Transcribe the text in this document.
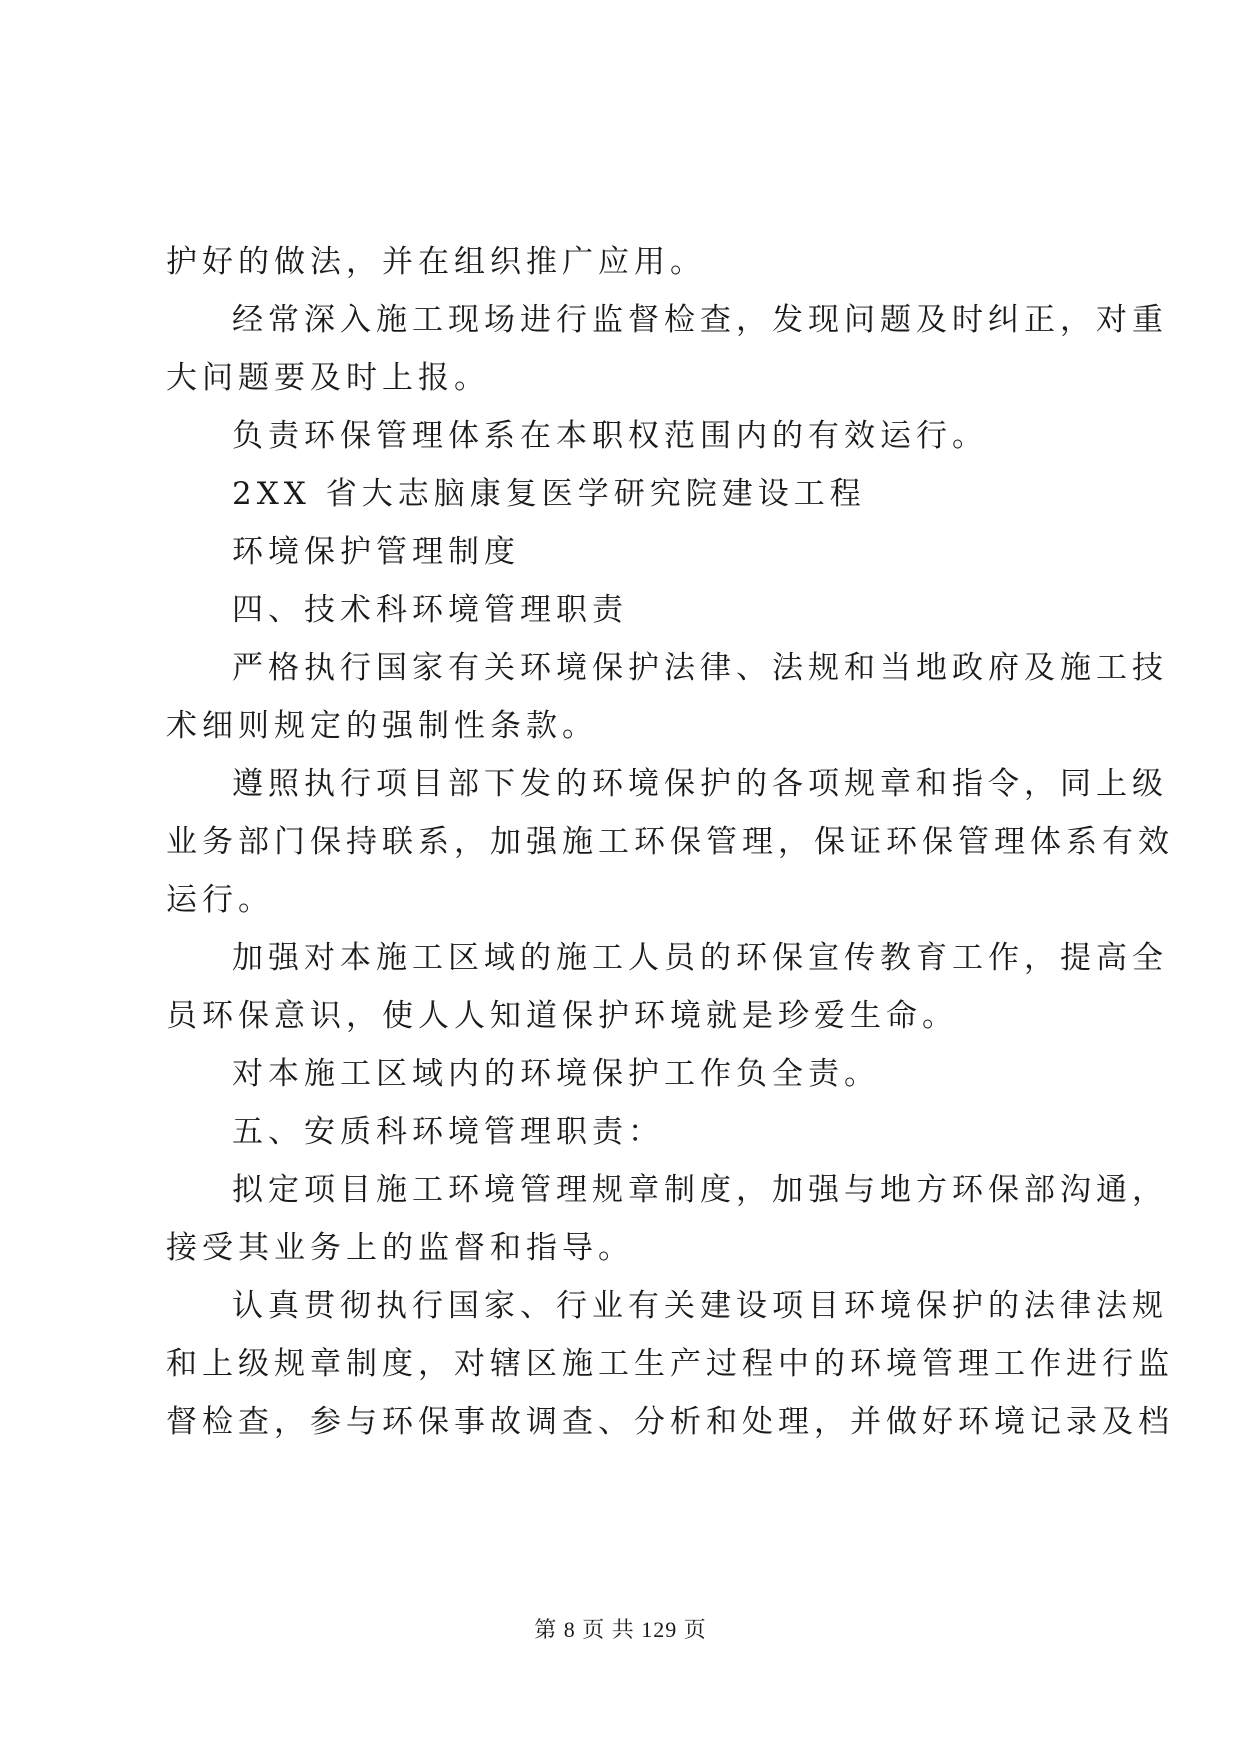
护好的做法，并在组织推广应用。
经常深入施工现场进行监督检查，发现问题及时纠正，对重
大问题要及时上报。
负责环保管理体系在本职权范围内的有效运行。
2XX 省大志脑康复医学研究院建设工程
环境保护管理制度
四、技术科环境管理职责
严格执行国家有关环境保护法律、法规和当地政府及施工技
术细则规定的强制性条款。
遵照执行项目部下发的环境保护的各项规章和指令，同上级
业务部门保持联系，加强施工环保管理，保证环保管理体系有效
运行。
加强对本施工区域的施工人员的环保宣传教育工作，提高全
员环保意识，使人人知道保护环境就是珍爱生命。
对本施工区域内的环境保护工作负全责。
五、安质科环境管理职责：
拟定项目施工环境管理规章制度，加强与地方环保部沟通，
接受其业务上的监督和指导。
认真贯彻执行国家、行业有关建设项目环境保护的法律法规
和上级规章制度，对辖区施工生产过程中的环境管理工作进行监
督检查，参与环保事故调查、分析和处理，并做好环境记录及档
第 8 页 共 129 页
